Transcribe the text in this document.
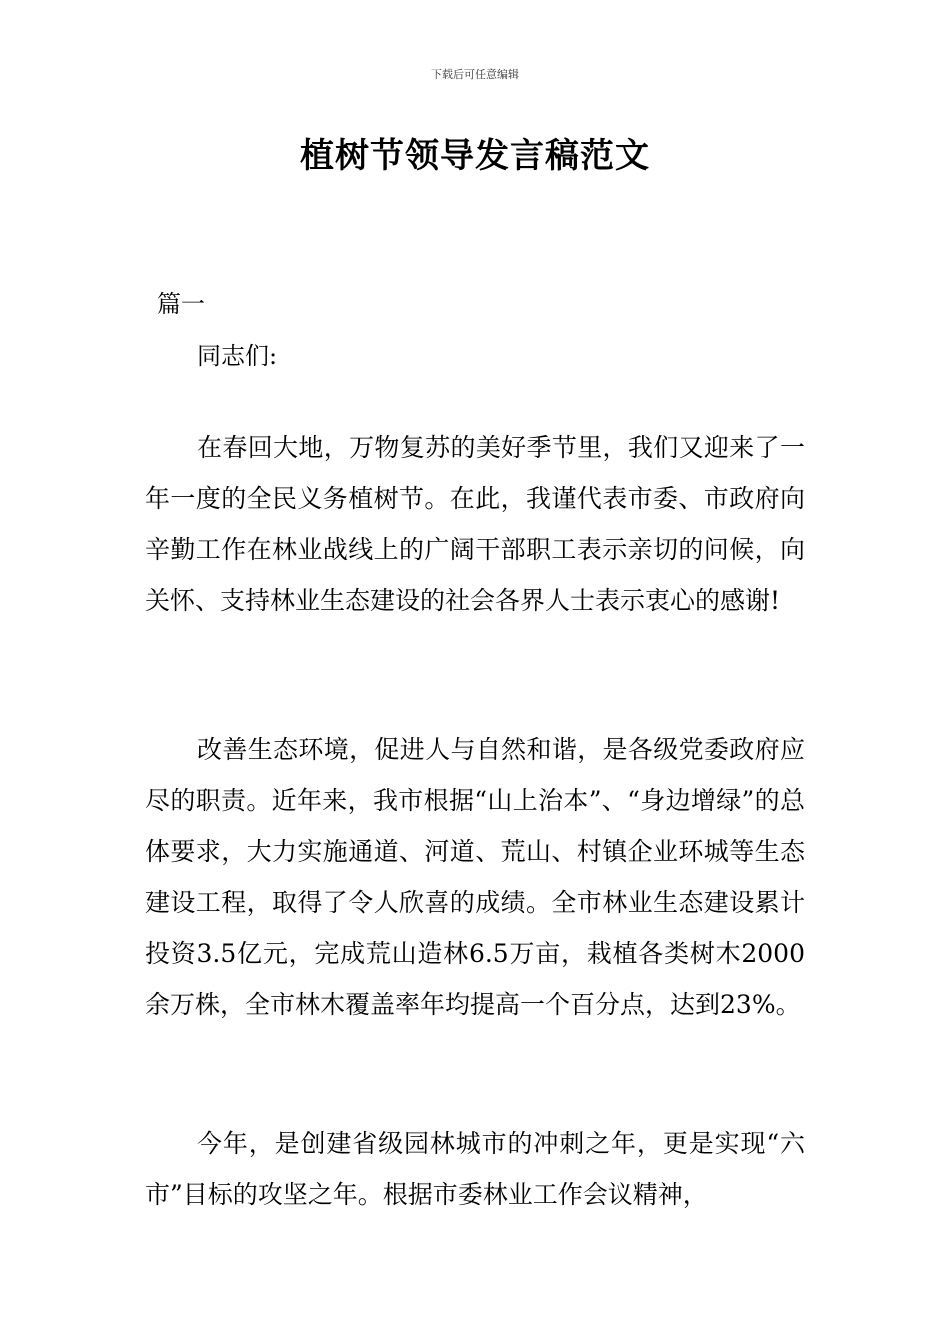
下载后可任意编辑
植树节领导发言稿范文
篇一
同志们:

在春回大地，万物复苏的美好季节里，我们又迎来了一年一度的全民义务植树节。在此，我谨代表市委、市政府向辛勤工作在林业战线上的广阔干部职工表示亲切的问候，向关怀、支持林业生态建设的社会各界人士表示衷心的感谢!

改善生态环境，促进人与自然和谐，是各级党委政府应尽的职责。近年来，我市根据“山上治本”、“身边增绿”的总体要求，大力实施通道、河道、荒山、村镇企业环城等生态建设工程，取得了令人欣喜的成绩。全市林业生态建设累计投资3.5亿元，完成荒山造林6.5万亩，栽植各类树木2000余万株，全市林木覆盖率年均提高一个百分点，达到23%。

今年，是创建省级园林城市的冲刺之年，更是实现“六市”目标的攻坚之年。根据市委林业工作会议精神，
